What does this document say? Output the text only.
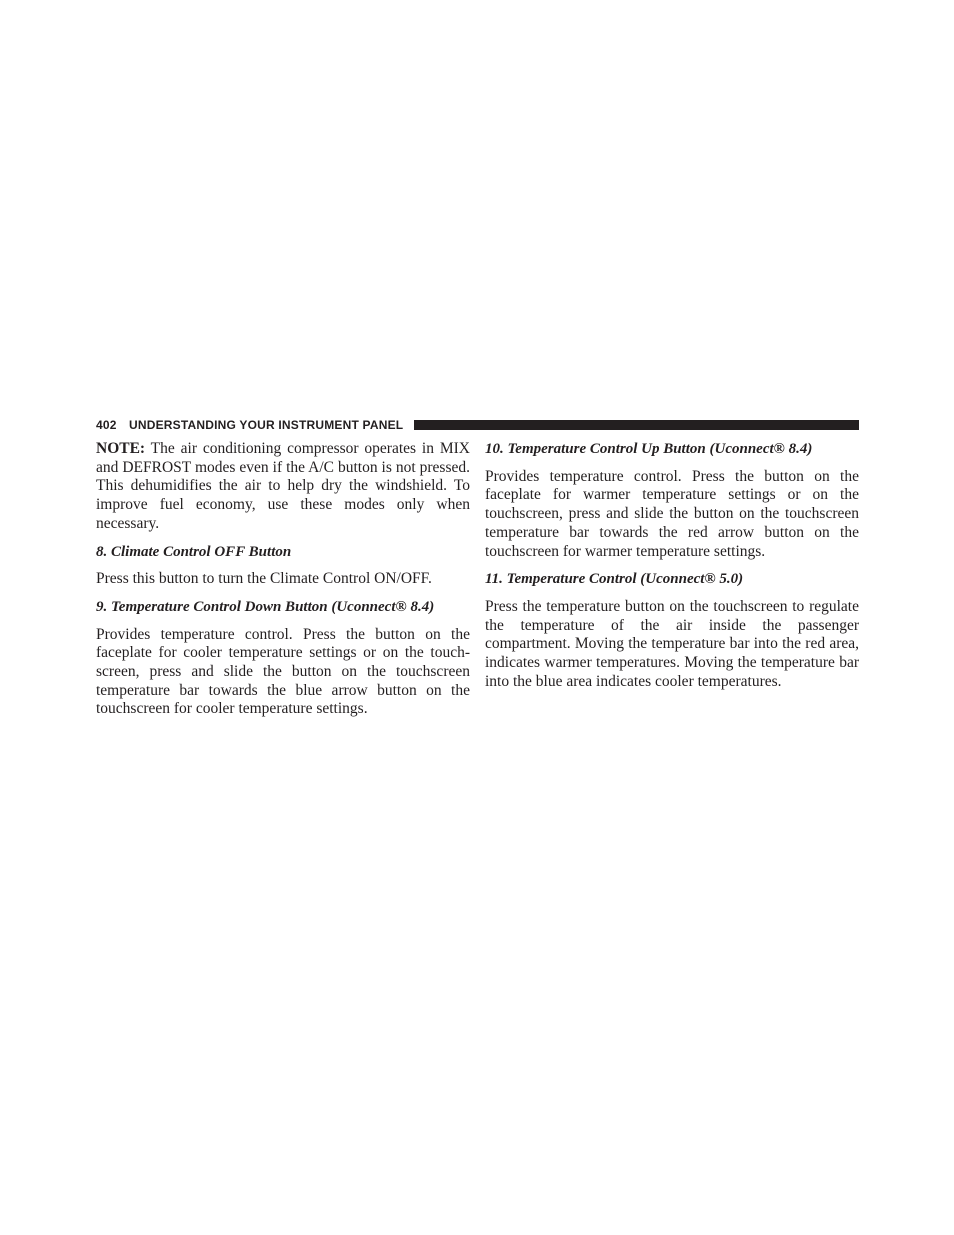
402 UNDERSTANDING YOUR INSTRUMENT PANEL

NOTE: The air conditioning compressor operates in MIX and DEFROST modes even if the A/C button is not pressed. This dehumidifies the air to help dry the windshield. To improve fuel economy, use these modes only when necessary.

8. Climate Control OFF Button

Press this button to turn the Climate Control ON/OFF.

9. Temperature Control Down Button (Uconnect® 8.4)

Provides temperature control. Press the button on the faceplate for cooler temperature settings or on the touchscreen, press and slide the button on the touchscreen temperature bar towards the blue arrow button on the touchscreen for cooler temperature settings.

10. Temperature Control Up Button (Uconnect® 8.4)

Provides temperature control. Press the button on the faceplate for warmer temperature settings or on the touchscreen, press and slide the button on the touchscreen temperature bar towards the red arrow button on the touchscreen for warmer temperature settings.

11. Temperature Control (Uconnect® 5.0)

Press the temperature button on the touchscreen to regulate the temperature of the air inside the passenger compartment. Moving the temperature bar into the red area, indicates warmer temperatures. Moving the temperature bar into the blue area indicates cooler temperatures.
